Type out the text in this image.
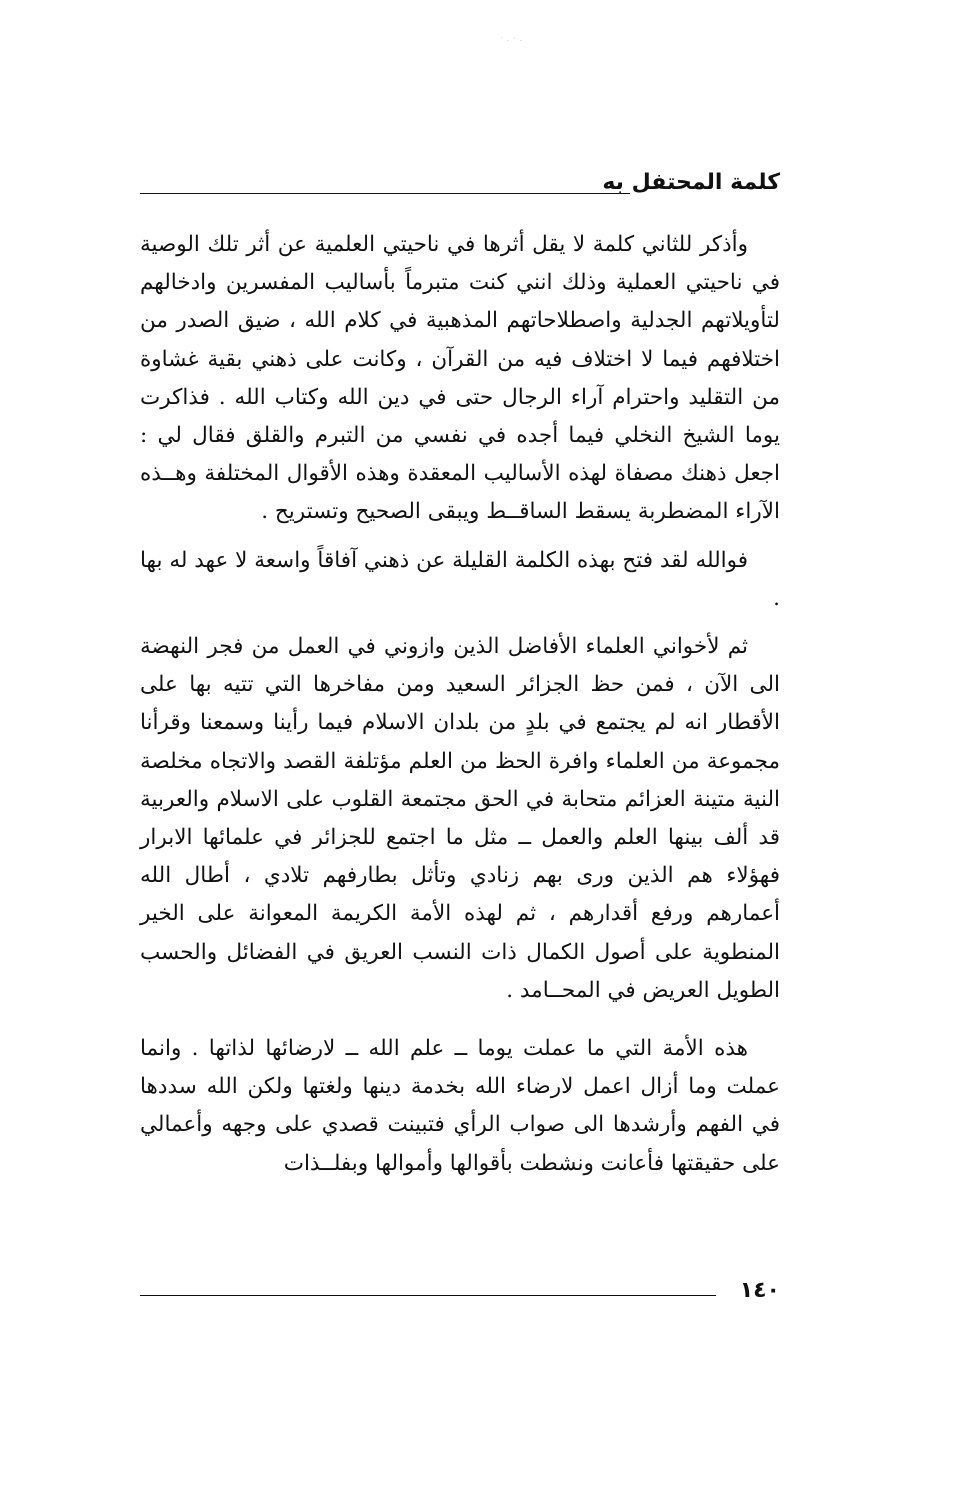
·.·.
كلمة المحتفل به

وأذكر للثاني كلمة لا يقل أثرها في ناحيتي العلمية عن أثر تلك الوصية في ناحيتي العملية وذلك انني كنت متبرماً بأساليب المفسرين وادخالهم لتأويلاتهم الجدلية واصطلاحاتهم المذهبية في كلام الله ، ضيق الصدر من اختلافهم فيما لا اختلاف فيه من القرآن ، وكانت على ذهني بقية غشاوة من التقليد واحترام آراء الرجال حتى في دين الله وكتاب الله . فذاكرت يوما الشيخ النخلي فيما أجده في نفسي من التبرم والقلق فقال لي : اجعل ذهنك مصفاة لهذه الأساليب المعقدة وهذه الأقوال المختلفة وهــذه الآراء المضطربة يسقط الساقــط ويبقى الصحيح وتستريح .

فوالله لقد فتح بهذه الكلمة القليلة عن ذهني آفاقاً واسعة لا عهد له بها .

ثم لأخواني العلماء الأفاضل الذين وازوني في العمل من فجر النهضة الى الآن ، فمن حظ الجزائر السعيد ومن مفاخرها التي تتيه بها على الأقطار انه لم يجتمع في بلدٍ من بلدان الاسلام فيما رأينا وسمعنا وقرأنا مجموعة من العلماء وافرة الحظ من العلم مؤتلفة القصد والاتجاه مخلصة النية متينة العزائم متحابة في الحق مجتمعة القلوب على الاسلام والعربية قد ألف بينها العلم والعمل ــ مثل ما اجتمع للجزائر في علمائها الابرار فهؤلاء هم الذين ورى بهم زنادي وتأثل بطارفهم تلادي ، أطال الله أعمارهم ورفع أقدارهم ، ثم لهذه الأمة الكريمة المعوانة على الخير المنطوية على أصول الكمال ذات النسب العريق في الفضائل والحسب الطويل العريض في المحــامد .

هذه الأمة التي ما عملت يوما ــ علم الله ــ لارضائها لذاتها . وانما عملت وما أزال اعمل لارضاء الله بخدمة دينها ولغتها ولكن الله سددها في الفهم وأرشدها الى صواب الرأي فتبينت قصدي على وجهه وأعمالي على حقيقتها فأعانت ونشطت بأقوالها وأموالها وبفلــذات

١٤٠
